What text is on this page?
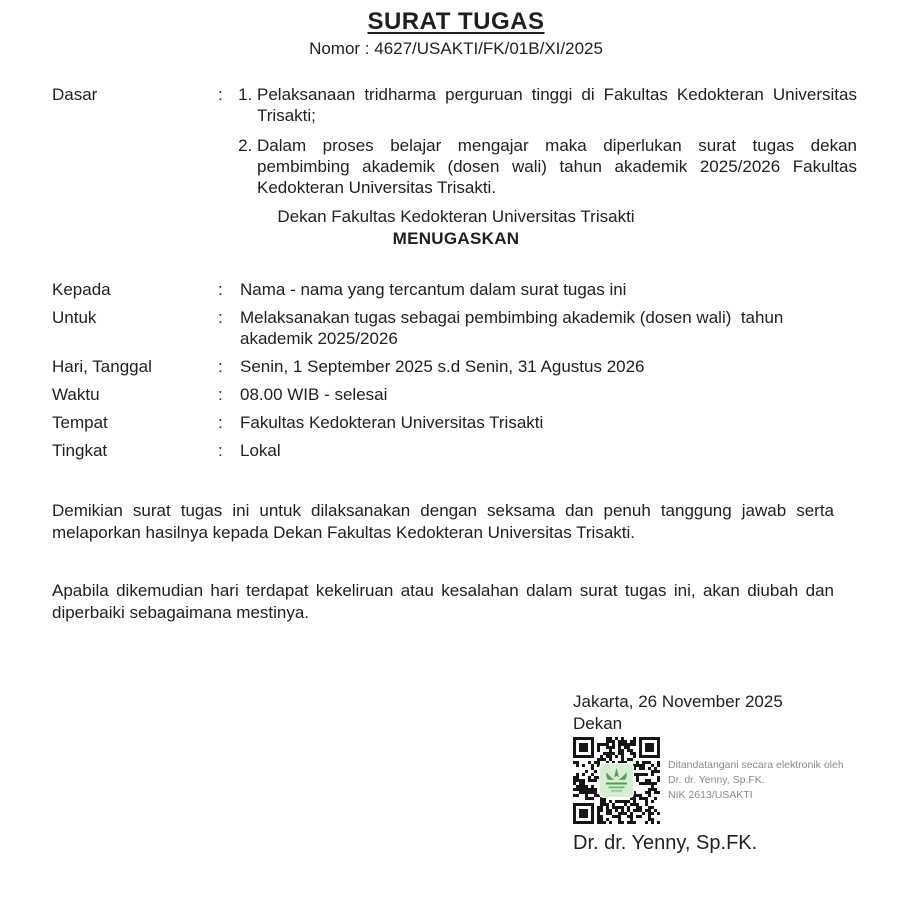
SURAT TUGAS
Nomor : 4627/USAKTI/FK/01B/XI/2025
Dasar	:	1. Pelaksanaan tridharma perguruan tinggi di Fakultas Kedokteran Universitas Trisakti;
2. Dalam proses belajar mengajar maka diperlukan surat tugas dekan pembimbing akademik (dosen wali) tahun akademik 2025/2026 Fakultas Kedokteran Universitas Trisakti.
Dekan Fakultas Kedokteran Universitas Trisakti
MENUGASKAN
Kepada	:	Nama - nama yang tercantum dalam surat tugas ini
Untuk	:	Melaksanakan tugas sebagai pembimbing akademik (dosen wali)  tahun akademik 2025/2026
Hari, Tanggal	:	Senin, 1 September 2025 s.d Senin, 31 Agustus 2026
Waktu	:	08.00 WIB - selesai
Tempat	:	Fakultas Kedokteran Universitas Trisakti
Tingkat	:	Lokal

Demikian surat tugas ini untuk dilaksanakan dengan seksama dan penuh tanggung jawab serta melaporkan hasilnya kepada Dekan Fakultas Kedokteran Universitas Trisakti.

Apabila dikemudian hari terdapat kekeliruan atau kesalahan dalam surat tugas ini, akan diubah dan diperbaiki sebagaimana mestinya.

Jakarta, 26 November 2025
Dekan
Ditandatangani secara elektronik oleh
Dr. dr. Yenny, Sp.FK.
NIK 2613/USAKTI
Dr. dr. Yenny, Sp.FK.
